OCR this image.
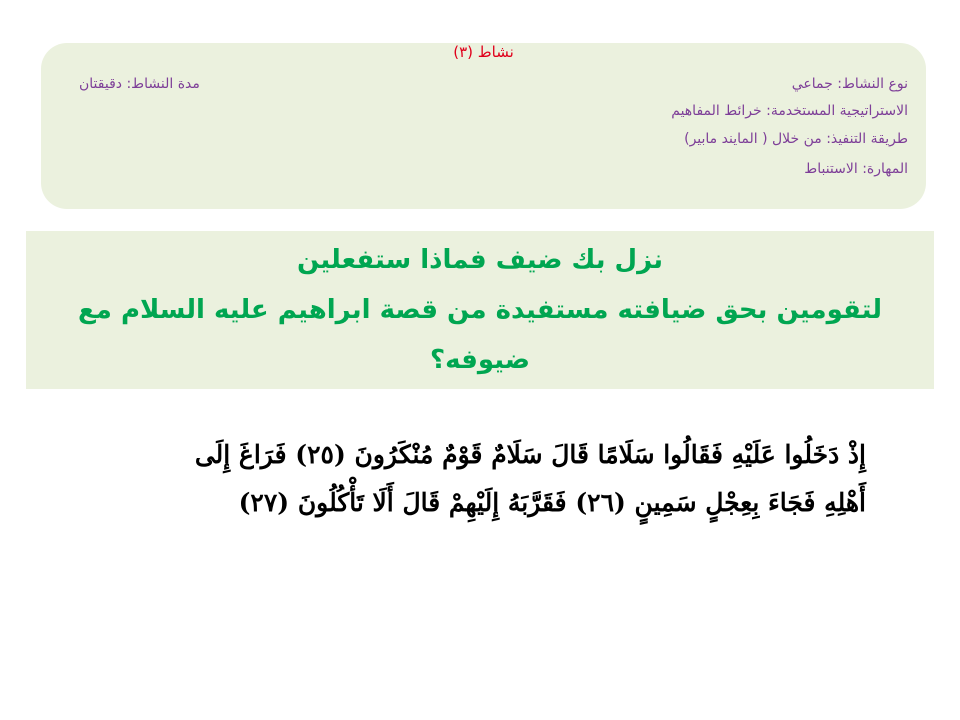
نشاط (٣)
نوع النشاط: جماعي
مدة النشاط: دقيقتان
الاستراتيجية المستخدمة: خرائط المفاهيم
طريقة التنفيذ: من خلال ( المايند مابير)
المهارة: الاستنباط
نزل بك ضيف فماذا ستفعلين
لتقومين بحق ضيافته مستفيدة من قصة ابراهيم عليه السلام مع
ضيوفه؟
إِذْ دَخَلُوا عَلَيْهِ فَقَالُوا سَلَامًا قَالَ سَلَامٌ قَوْمٌ مُنْكَرُونَ (٢٥) فَرَاغَ إِلَى
أَهْلِهِ فَجَاءَ بِعِجْلٍ سَمِينٍ (٢٦) فَقَرَّبَهُ إِلَيْهِمْ قَالَ أَلَا تَأْكُلُونَ (٢٧)
